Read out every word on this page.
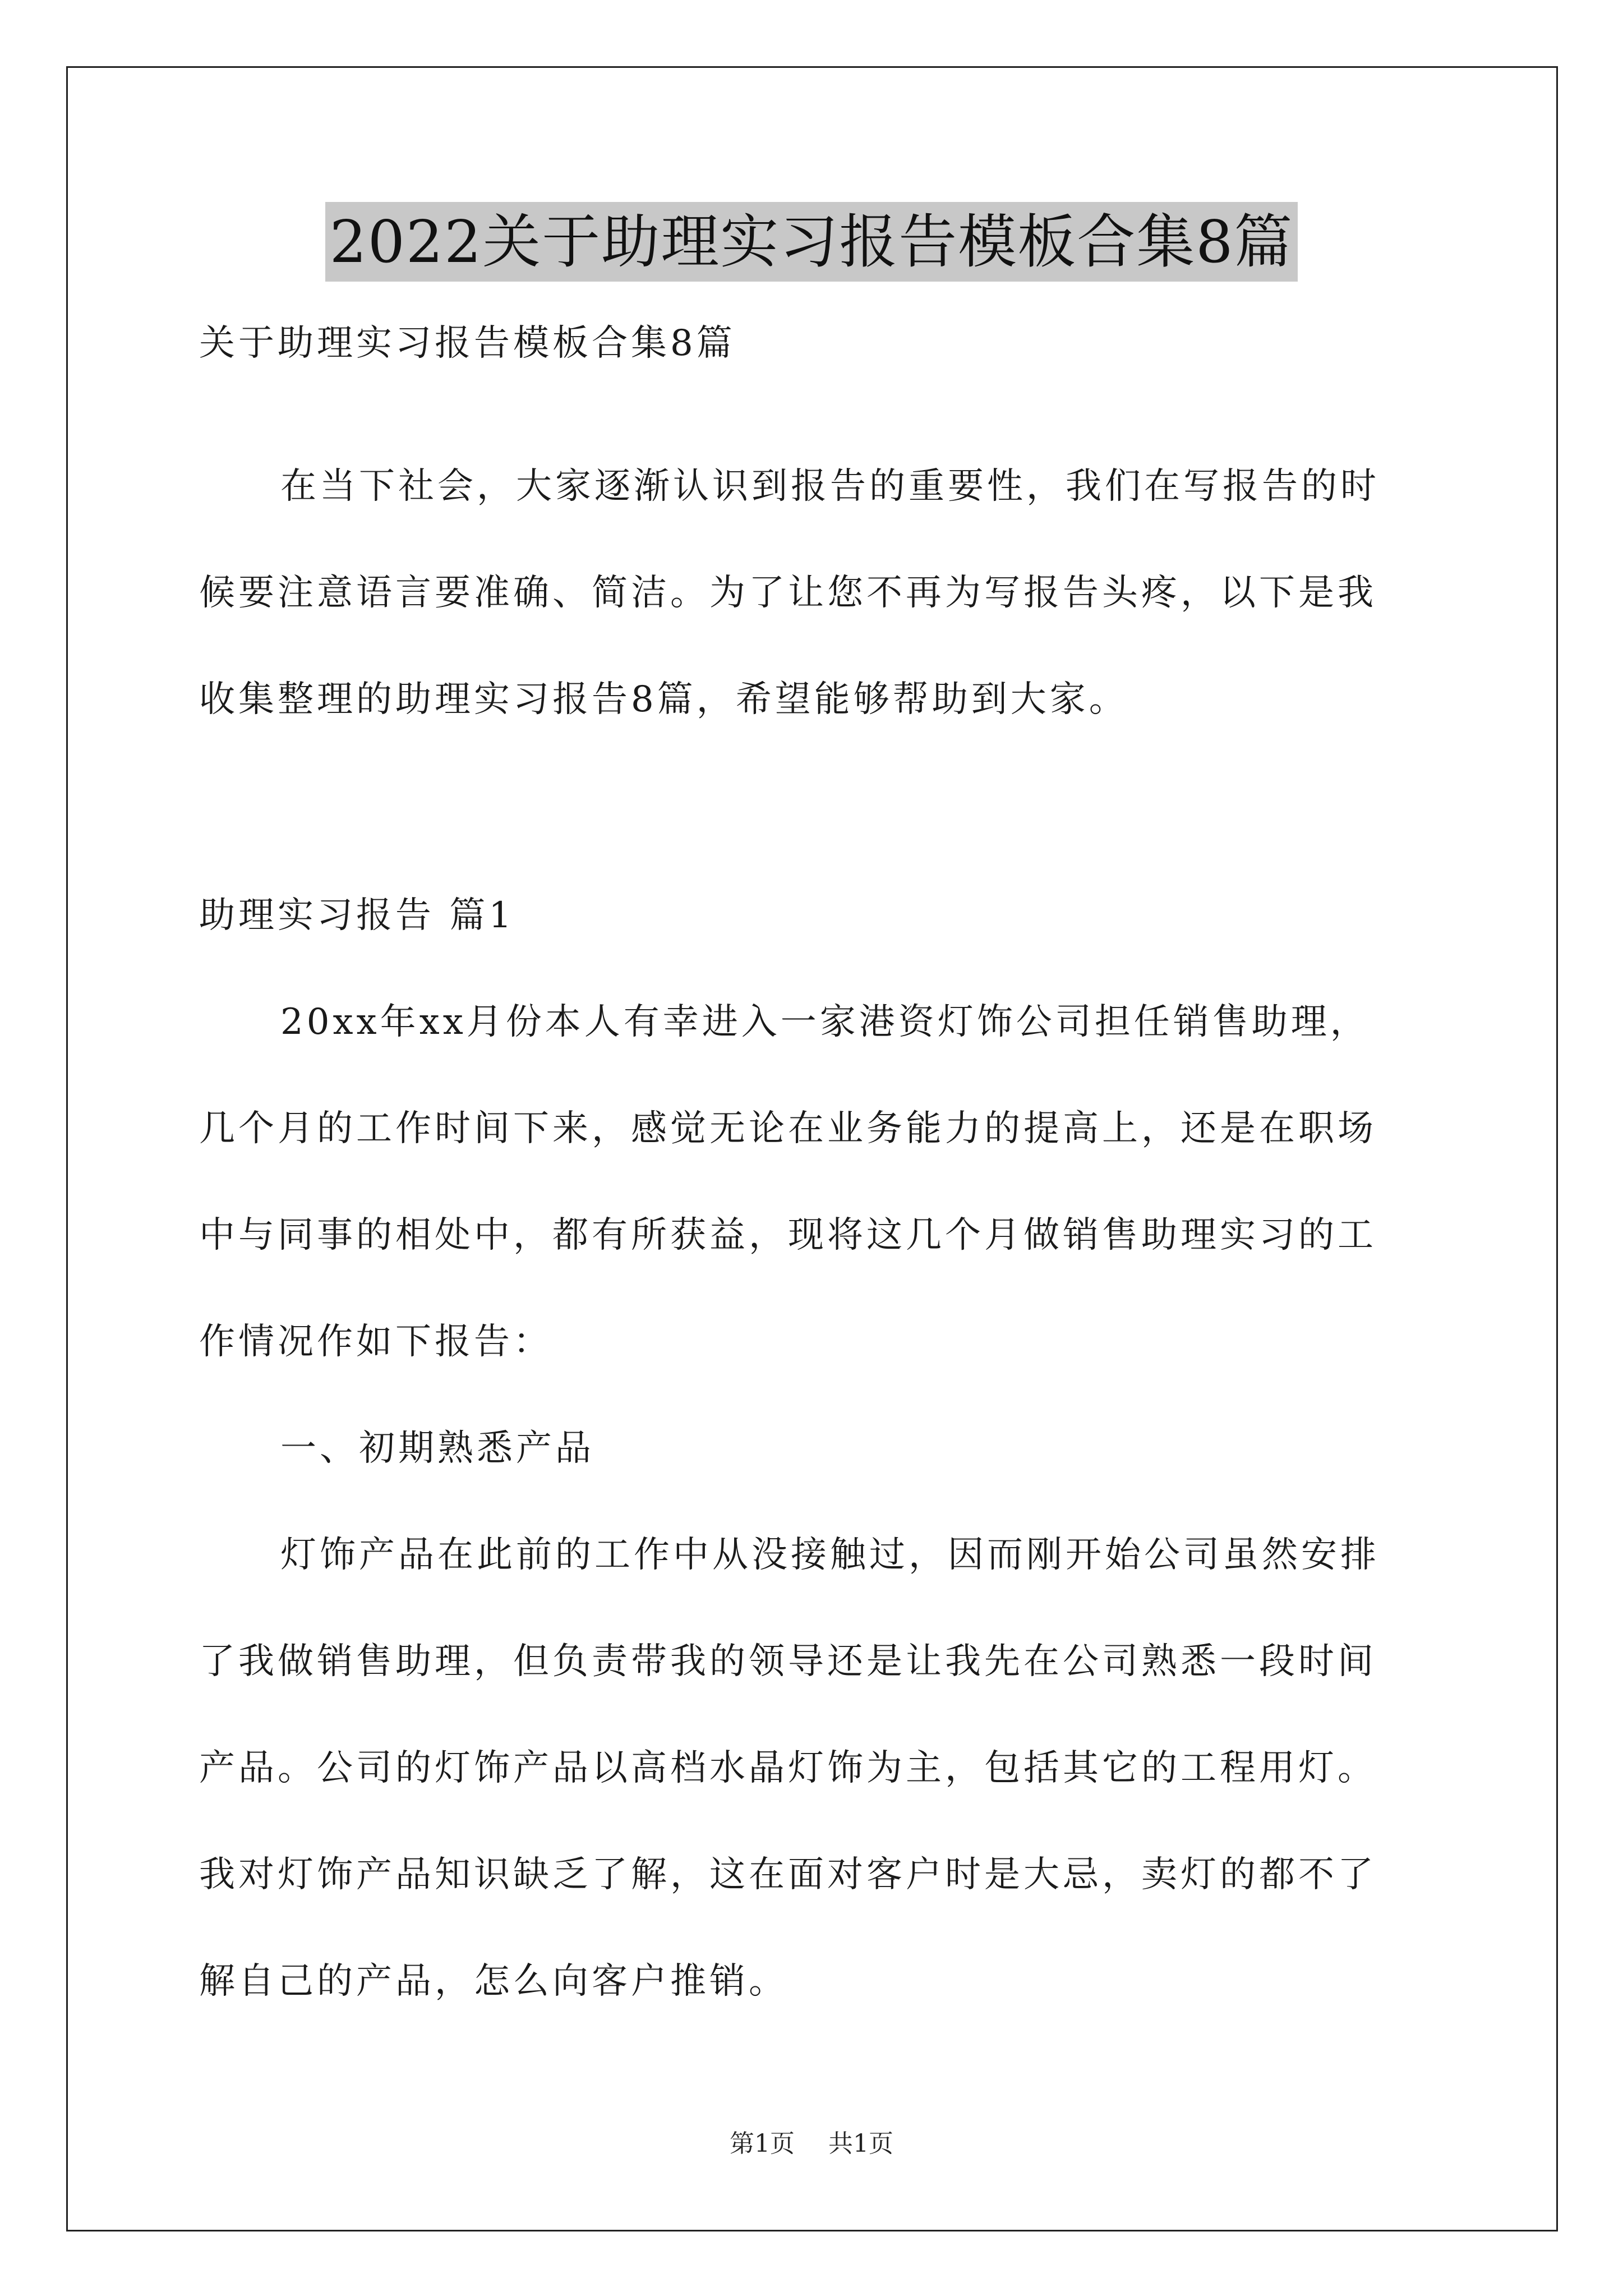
2022关于助理实习报告模板合集8篇
关于助理实习报告模板合集8篇
在当下社会，大家逐渐认识到报告的重要性，我们在写报告的时
候要注意语言要准确、简洁。为了让您不再为写报告头疼，以下是我
收集整理的助理实习报告8篇，希望能够帮助到大家。
助理实习报告 篇1
20xx年xx月份本人有幸进入一家港资灯饰公司担任销售助理，
几个月的工作时间下来，感觉无论在业务能力的提高上，还是在职场
中与同事的相处中，都有所获益，现将这几个月做销售助理实习的工
作情况作如下报告：
一、初期熟悉产品
灯饰产品在此前的工作中从没接触过，因而刚开始公司虽然安排
了我做销售助理，但负责带我的领导还是让我先在公司熟悉一段时间
产品。公司的灯饰产品以高档水晶灯饰为主，包括其它的工程用灯。
我对灯饰产品知识缺乏了解，这在面对客户时是大忌，卖灯的都不了
解自己的产品，怎么向客户推销。
第1页 共1页
